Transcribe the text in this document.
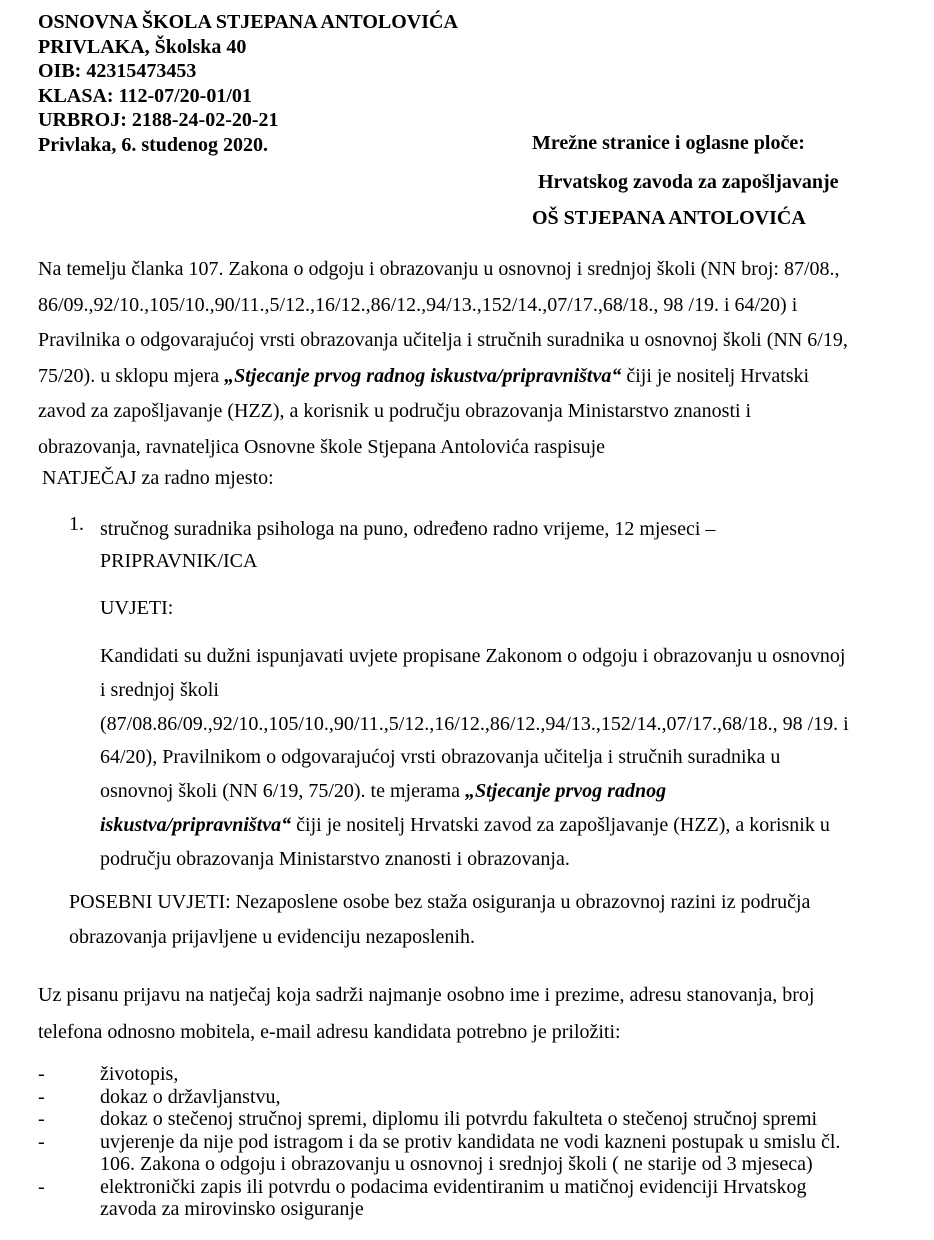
OSNOVNA ŠKOLA STJEPANA ANTOLOVIĆA
PRIVLAKA, Školska 40
OIB: 42315473453
KLASA: 112-07/20-01/01
URBROJ: 2188-24-02-20-21
Privlaka, 6. studenog 2020.	Mrežne stranice i oglasne ploče:
Hrvatskog zavoda za zapošljavanje
OŠ STJEPANA ANTOLOVIĆA
Na temelju članka 107. Zakona o odgoju i obrazovanju u osnovnoj i srednjoj školi (NN broj: 87/08.,
86/09.,92/10.,105/10.,90/11.,5/12.,16/12.,86/12.,94/13.,152/14.,07/17.,68/18., 98 /19. i 64/20) i
Pravilnika o odgovarajućoj vrsti obrazovanja učitelja i stručnih suradnika u osnovnoj školi (NN 6/19,
75/20). u sklopu mjera „Stjecanje prvog radnog iskustva/pripravništva“ čiji je nositelj Hrvatski
zavod za zapošljavanje (HZZ), a korisnik u području obrazovanja Ministarstvo znanosti i
obrazovanja, ravnateljica Osnovne škole Stjepana Antolovića raspisuje
NATJEČAJ za radno mjesto:
1. stručnog suradnika psihologa na puno, određeno radno vrijeme, 12 mjeseci –
PRIPRAVNIK/ICA
UVJETI:
Kandidati su dužni ispunjavati uvjete propisane Zakonom o odgoju i obrazovanju u osnovnoj
i srednjoj školi
(87/08.86/09.,92/10.,105/10.,90/11.,5/12.,16/12.,86/12.,94/13.,152/14.,07/17.,68/18., 98 /19. i
64/20), Pravilnikom o odgovarajućoj vrsti obrazovanja učitelja i stručnih suradnika u
osnovnoj školi (NN 6/19, 75/20). te mjerama „Stjecanje prvog radnog
iskustva/pripravništva“ čiji je nositelj Hrvatski zavod za zapošljavanje (HZZ), a korisnik u
području obrazovanja Ministarstvo znanosti i obrazovanja.
POSEBNI UVJETI: Nezaposlene osobe bez staža osiguranja u obrazovnoj razini iz područja
obrazovanja prijavljene u evidenciju nezaposlenih.
Uz pisanu prijavu na natječaj koja sadrži najmanje osobno ime i prezime, adresu stanovanja, broj
telefona odnosno mobitela, e-mail adresu kandidata potrebno je priložiti:
-	životopis,
-	dokaz o državljanstvu,
-	dokaz o stečenoj stručnoj spremi, diplomu ili potvrdu fakulteta o stečenoj stručnoj spremi
-	uvjerenje da nije pod istragom i da se protiv kandidata ne vodi kazneni postupak u smislu čl.
106. Zakona o odgoju i obrazovanju u osnovnoj i srednjoj školi ( ne starije od 3 mjeseca)
-	elektronički zapis ili potvrdu o podacima evidentiranim u matičnoj evidenciji Hrvatskog
zavoda za mirovinsko osiguranje
